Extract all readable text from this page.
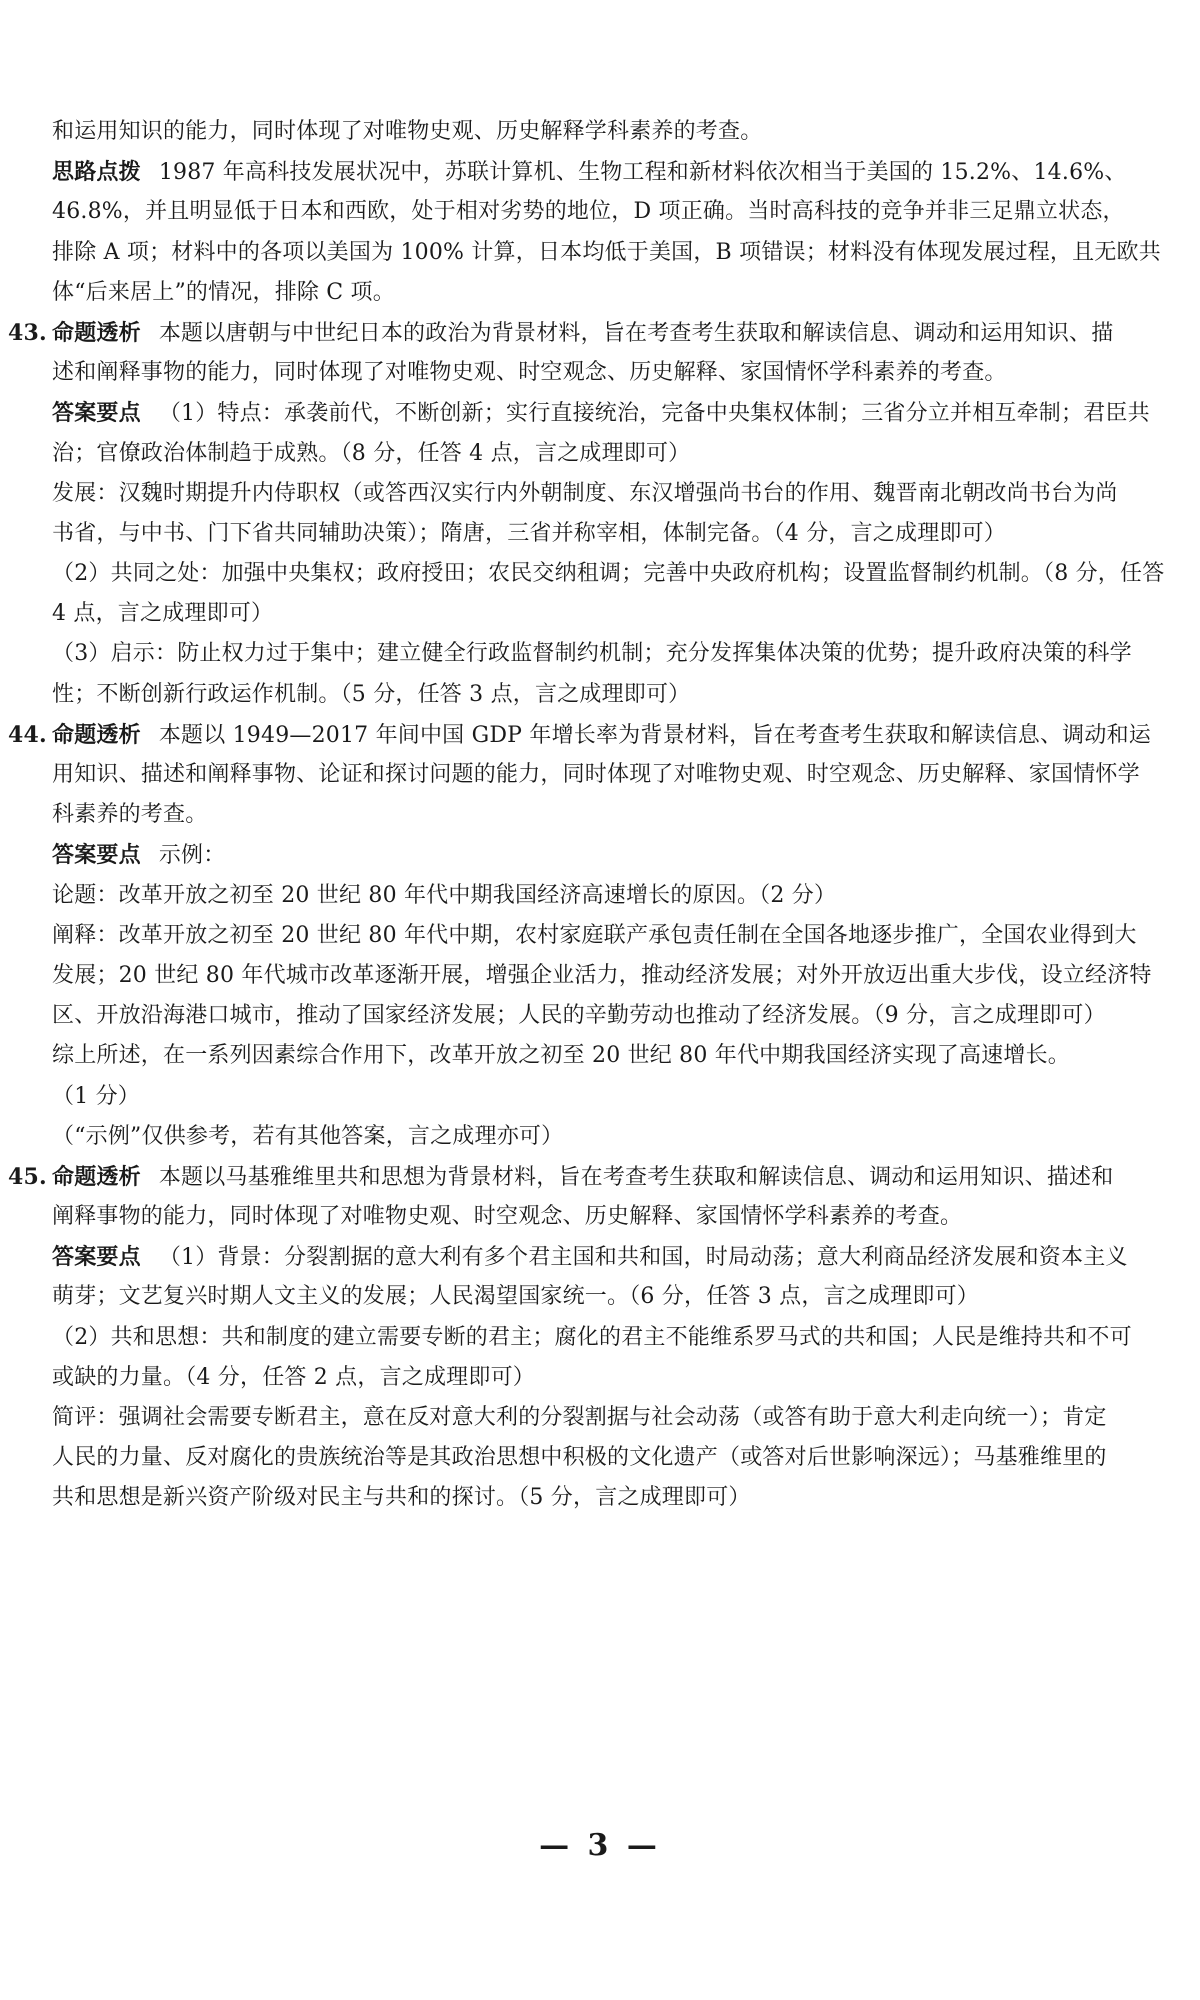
和运用知识的能力，同时体现了对唯物史观、历史解释学科素养的考查。
思路点拨 1987 年高科技发展状况中，苏联计算机、生物工程和新材料依次相当于美国的 15.2%、14.6%、
46.8%，并且明显低于日本和西欧，处于相对劣势的地位，D 项正确。当时高科技的竞争并非三足鼎立状态，
排除 A 项；材料中的各项以美国为 100% 计算，日本均低于美国，B 项错误；材料没有体现发展过程，且无欧共
体“后来居上”的情况，排除 C 项。
43. 命题透析 本题以唐朝与中世纪日本的政治为背景材料，旨在考查考生获取和解读信息、调动和运用知识、描
述和阐释事物的能力，同时体现了对唯物史观、时空观念、历史解释、家国情怀学科素养的考查。
答案要点 （1）特点：承袭前代，不断创新；实行直接统治，完备中央集权体制；三省分立并相互牵制；君臣共
治；官僚政治体制趋于成熟。（8 分，任答 4 点，言之成理即可）
发展：汉魏时期提升内侍职权（或答西汉实行内外朝制度、东汉增强尚书台的作用、魏晋南北朝改尚书台为尚
书省，与中书、门下省共同辅助决策）；隋唐，三省并称宰相，体制完备。（4 分，言之成理即可）
（2）共同之处：加强中央集权；政府授田；农民交纳租调；完善中央政府机构；设置监督制约机制。（8 分，任答
4 点，言之成理即可）
（3）启示：防止权力过于集中；建立健全行政监督制约机制；充分发挥集体决策的优势；提升政府决策的科学
性；不断创新行政运作机制。（5 分，任答 3 点，言之成理即可）
44. 命题透析 本题以 1949—2017 年间中国 GDP 年增长率为背景材料，旨在考查考生获取和解读信息、调动和运
用知识、描述和阐释事物、论证和探讨问题的能力，同时体现了对唯物史观、时空观念、历史解释、家国情怀学
科素养的考查。
答案要点 示例：
论题：改革开放之初至 20 世纪 80 年代中期我国经济高速增长的原因。（2 分）
阐释：改革开放之初至 20 世纪 80 年代中期，农村家庭联产承包责任制在全国各地逐步推广，全国农业得到大
发展；20 世纪 80 年代城市改革逐渐开展，增强企业活力，推动经济发展；对外开放迈出重大步伐，设立经济特
区、开放沿海港口城市，推动了国家经济发展；人民的辛勤劳动也推动了经济发展。（9 分，言之成理即可）
综上所述，在一系列因素综合作用下，改革开放之初至 20 世纪 80 年代中期我国经济实现了高速增长。
（1 分）
（“示例”仅供参考，若有其他答案，言之成理亦可）
45. 命题透析 本题以马基雅维里共和思想为背景材料，旨在考查考生获取和解读信息、调动和运用知识、描述和
阐释事物的能力，同时体现了对唯物史观、时空观念、历史解释、家国情怀学科素养的考查。
答案要点 （1）背景：分裂割据的意大利有多个君主国和共和国，时局动荡；意大利商品经济发展和资本主义
萌芽；文艺复兴时期人文主义的发展；人民渴望国家统一。（6 分，任答 3 点，言之成理即可）
（2）共和思想：共和制度的建立需要专断的君主；腐化的君主不能维系罗马式的共和国；人民是维持共和不可
或缺的力量。（4 分，任答 2 点，言之成理即可）
简评：强调社会需要专断君主，意在反对意大利的分裂割据与社会动荡（或答有助于意大利走向统一）；肯定
人民的力量、反对腐化的贵族统治等是其政治思想中积极的文化遗产（或答对后世影响深远）；马基雅维里的
共和思想是新兴资产阶级对民主与共和的探讨。（5 分，言之成理即可）
— 3 —
